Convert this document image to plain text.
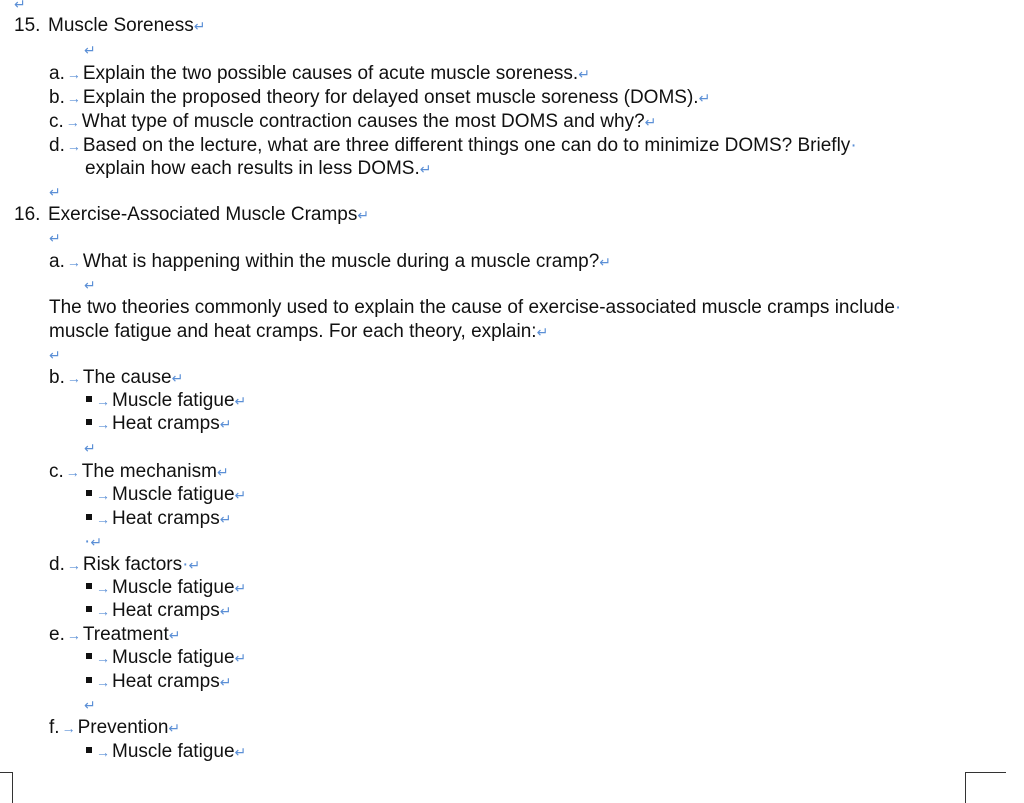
↵
15. Muscle Soreness↵
↵
a. → Explain the two possible causes of acute muscle soreness.↵
b. → Explain the proposed theory for delayed onset muscle soreness (DOMS).↵
c. → What type of muscle contraction causes the most DOMS and why?↵
d. → Based on the lecture, what are three different things one can do to minimize DOMS? Briefly·
explain how each results in less DOMS.↵
↵
16. Exercise-Associated Muscle Cramps↵
↵
a. → What is happening within the muscle during a muscle cramp?↵
↵
The two theories commonly used to explain the cause of exercise-associated muscle cramps include·
muscle fatigue and heat cramps. For each theory, explain:↵
↵
b. → The cause↵
→ Muscle fatigue↵
→ Heat cramps↵
↵
c. → The mechanism↵
→ Muscle fatigue↵
→ Heat cramps↵
·↵
d. → Risk factors·↵
→ Muscle fatigue↵
→ Heat cramps↵
e. → Treatment↵
→ Muscle fatigue↵
→ Heat cramps↵
↵
f. → Prevention↵
→ Muscle fatigue↵
